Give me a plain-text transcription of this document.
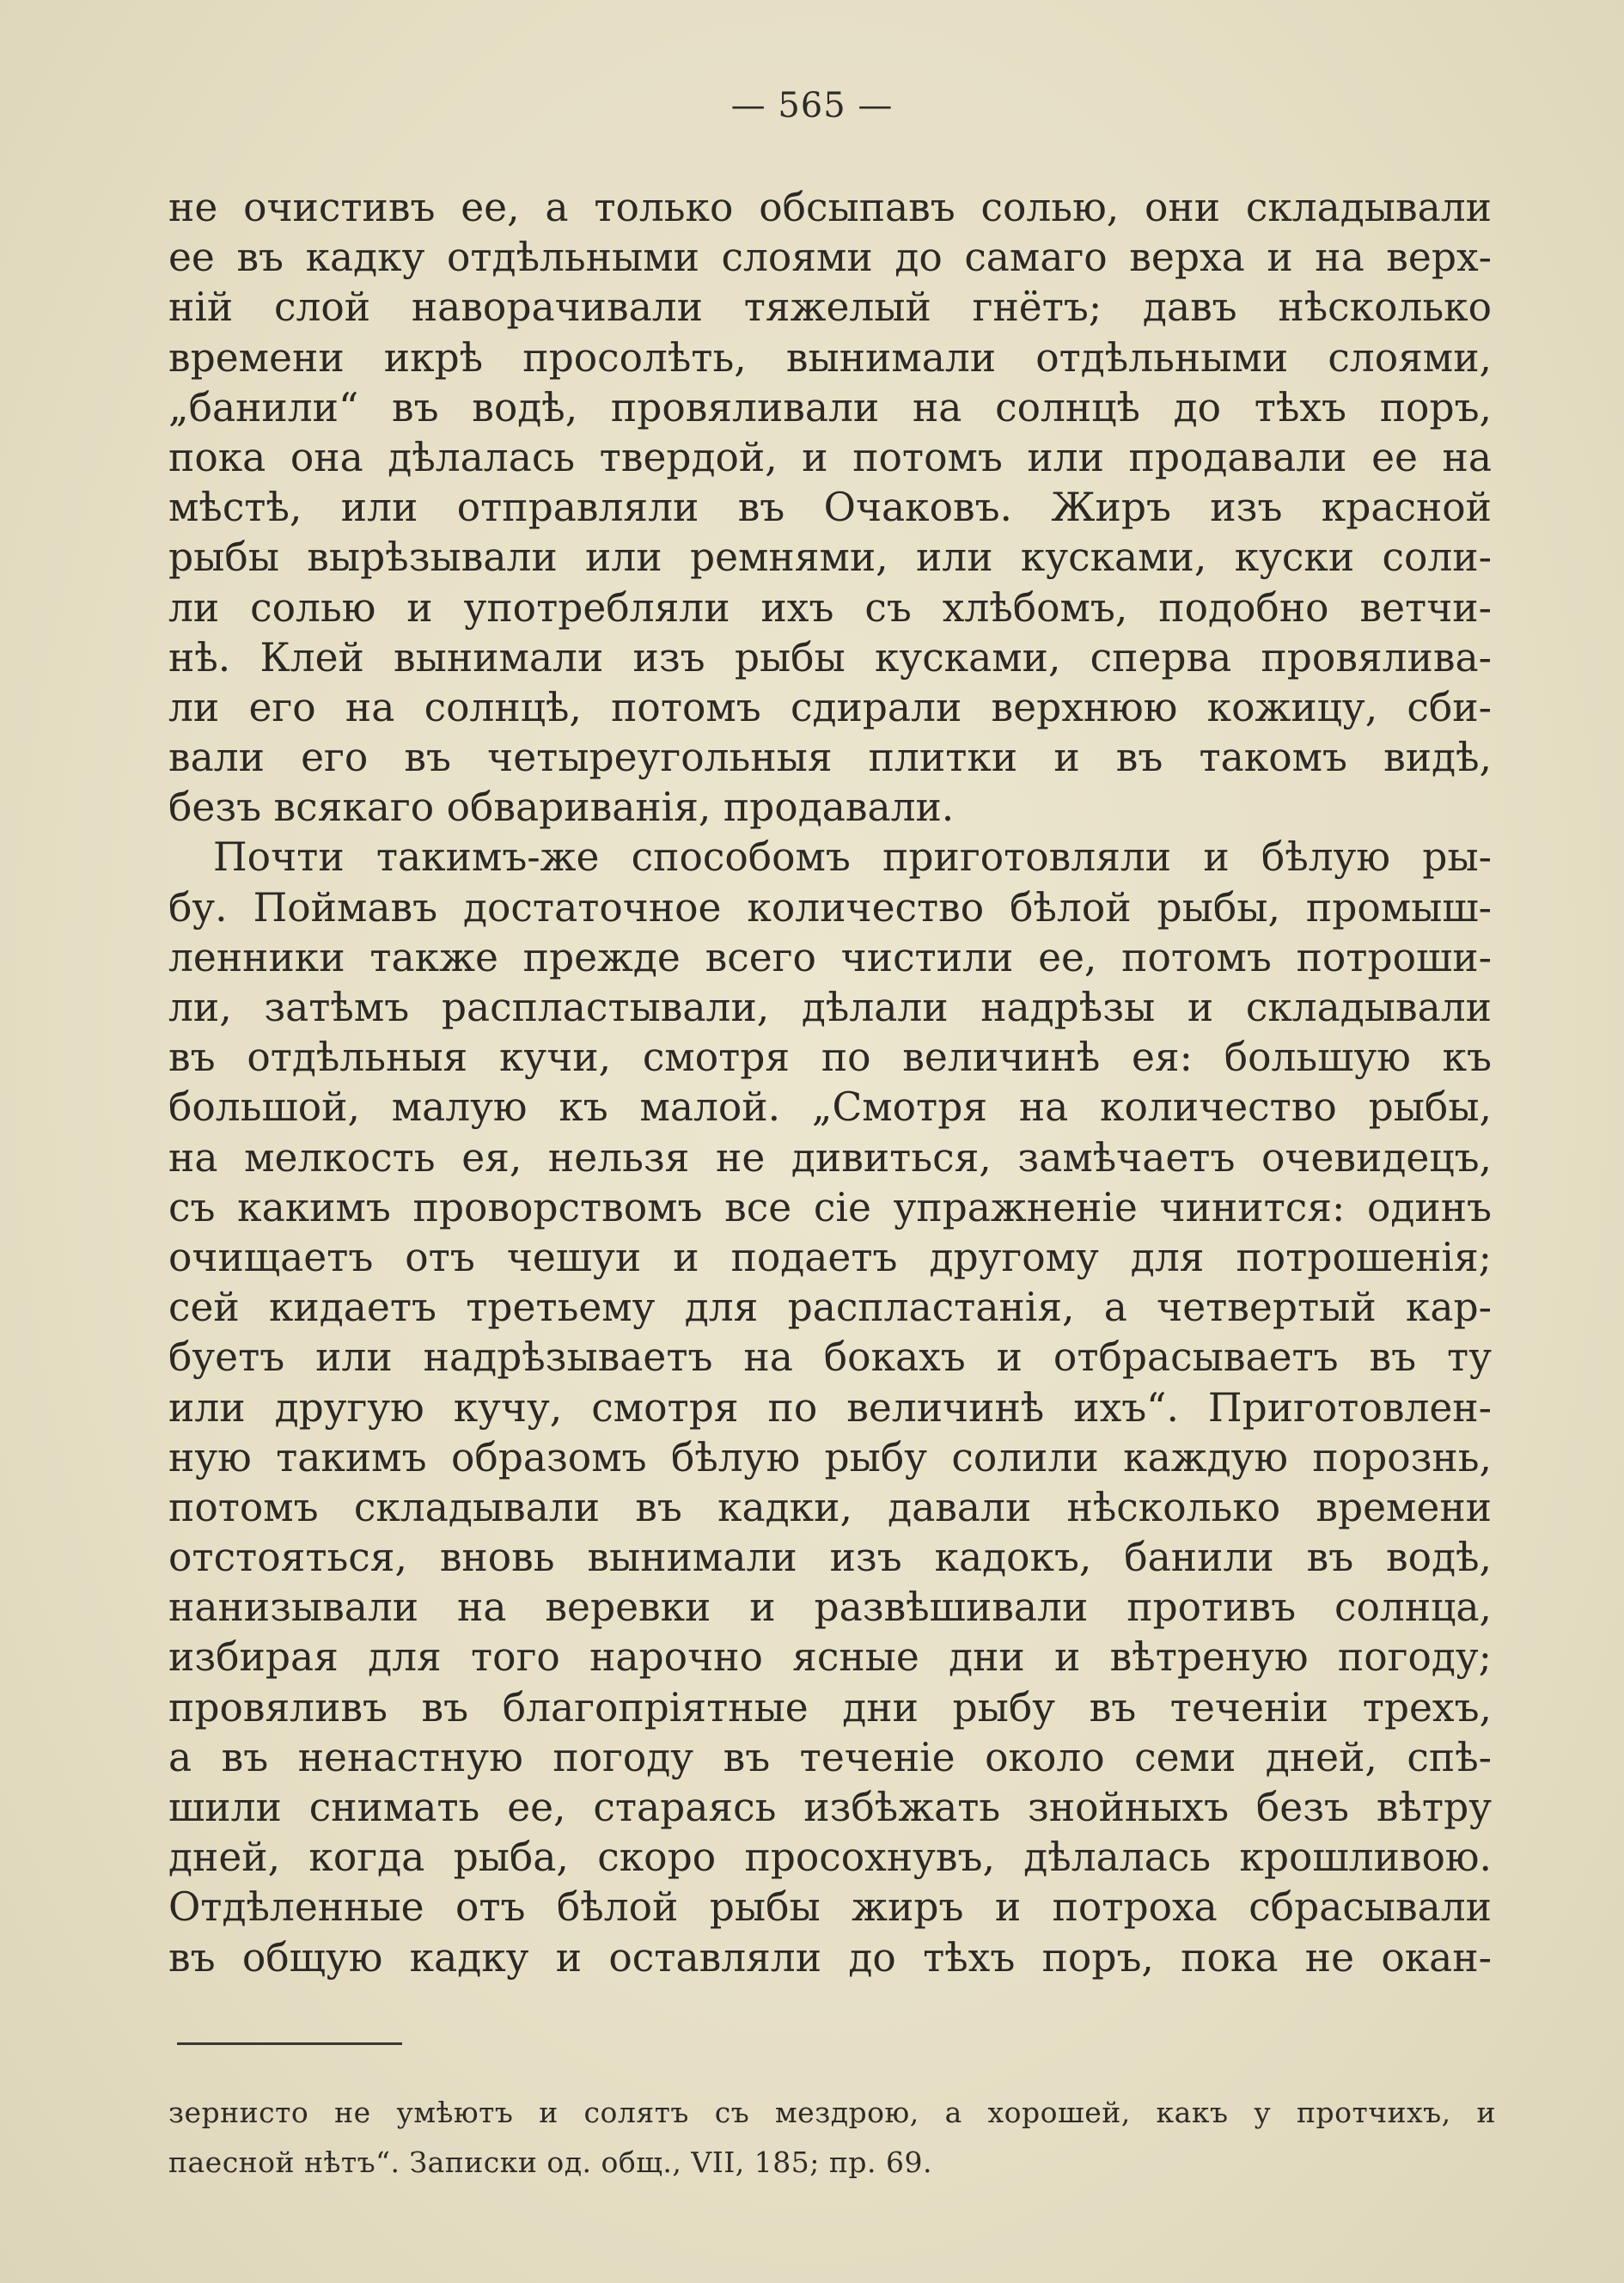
— 565 —
не очистивъ ее, а только обсыпавъ солью, они складывали
ее въ кадку отдѣльными слоями до самаго верха и на верх-
ній слой наворачивали тяжелый гнётъ; давъ нѣсколько
времени икрѣ просолѣть, вынимали отдѣльными слоями,
„банили“ въ водѣ, провяливали на солнцѣ до тѣхъ поръ,
пока она дѣлалась твердой, и потомъ или продавали ее на
мѣстѣ, или отправляли въ Очаковъ. Жиръ изъ красной
рыбы вырѣзывали или ремнями, или кусками, куски соли-
ли солью и употребляли ихъ съ хлѣбомъ, подобно ветчи-
нѣ. Клей вынимали изъ рыбы кусками, сперва провялива-
ли его на солнцѣ, потомъ сдирали верхнюю кожицу, сби-
вали его въ четыреугольныя плитки и въ такомъ видѣ,
безъ всякаго обвариванія, продавали.
Почти такимъ-же способомъ приготовляли и бѣлую ры-
бу. Поймавъ достаточное количество бѣлой рыбы, промыш-
ленники также прежде всего чистили ее, потомъ потроши-
ли, затѣмъ распластывали, дѣлали надрѣзы и складывали
въ отдѣльныя кучи, смотря по величинѣ ея: большую къ
большой, малую къ малой. „Смотря на количество рыбы,
на мелкость ея, нельзя не дивиться, замѣчаетъ очевидецъ,
съ какимъ проворствомъ все сіе упражненіе чинится: одинъ
очищаетъ отъ чешуи и подаетъ другому для потрошенія;
сей кидаетъ третьему для распластанія, а четвертый кар-
буетъ или надрѣзываетъ на бокахъ и отбрасываетъ въ ту
или другую кучу, смотря по величинѣ ихъ“. Приготовлен-
ную такимъ образомъ бѣлую рыбу солили каждую порознь,
потомъ складывали въ кадки, давали нѣсколько времени
отстояться, вновь вынимали изъ кадокъ, банили въ водѣ,
нанизывали на веревки и развѣшивали противъ солнца,
избирая для того нарочно ясные дни и вѣтреную погоду;
провяливъ въ благопріятные дни рыбу въ теченіи трехъ,
а въ ненастную погоду въ теченіе около семи дней, спѣ-
шили снимать ее, стараясь избѣжать знойныхъ безъ вѣтру
дней, когда рыба, скоро просохнувъ, дѣлалась крошливою.
Отдѣленные отъ бѣлой рыбы жиръ и потроха сбрасывали
въ общую кадку и оставляли до тѣхъ поръ, пока не окан-
зернисто не умѣютъ и солятъ съ мездрою, а хорошей, какъ у протчихъ, и
паесной нѣтъ“. Записки од. общ., VII, 185; пр. 69.
